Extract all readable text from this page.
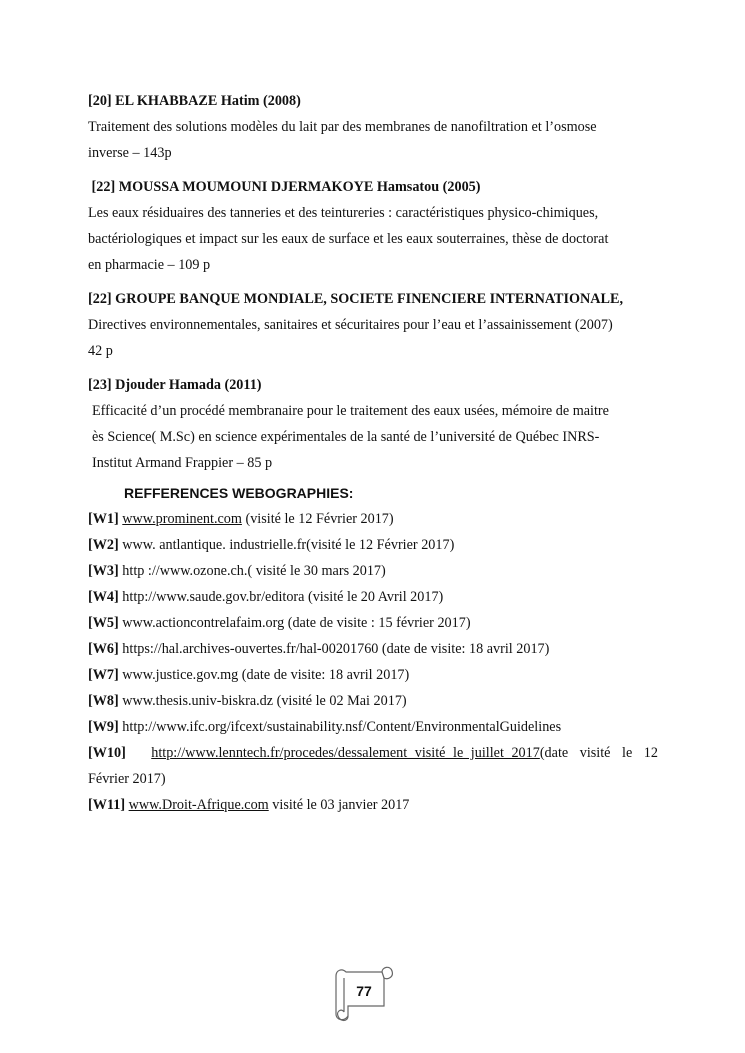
[20] EL KHABBAZE Hatim (2008)

Traitement des solutions modèles du lait par des membranes de nanofiltration et l’osmose

inverse – 143p

[22] MOUSSA MOUMOUNI DJERMAKOYE Hamsatou (2005)

Les eaux résiduaires des tanneries et des teintureries : caractéristiques physico-chimiques,

bactériologiques et impact sur les eaux de surface et les eaux souterraines, thèse de doctorat

en pharmacie – 109 p

[22] GROUPE BANQUE MONDIALE, SOCIETE FINENCIERE INTERNATIONALE,

Directives environnementales, sanitaires et sécuritaires pour l’eau et l’assainissement (2007)

42 p

[23] Djouder Hamada (2011)

Efficacité d’un procédé membranaire pour le traitement des eaux usées, mémoire de maitre

ès Science( M.Sc) en science expérimentales de la santé de l’université de Québec INRS-

Institut Armand Frappier – 85 p

REFFERENCES WEBOGRAPHIES:

[W1] www.prominent.com (visité le 12 Février 2017)

[W2] www. antlantique. industrielle.fr(visité le 12 Février 2017)

[W3] http ://www.ozone.ch.( visité le 30 mars 2017)

[W4] http://www.saude.gov.br/editora (visité le 20 Avril 2017)

[W5] www.actioncontrelafaim.org (date de visite : 15 février 2017)

[W6] https://hal.archives-ouvertes.fr/hal-00201760 (date de visite: 18 avril 2017)

[W7] www.justice.gov.mg (date de visite: 18 avril 2017)

[W8] www.thesis.univ-biskra.dz (visité le 02 Mai 2017)

[W9] http://www.ifc.org/ifcext/sustainability.nsf/Content/EnvironmentalGuidelines

[W10] http://www.lenntech.fr/procedes/dessalement visité le juillet 2017(date visité le 12

Février 2017)

[W11] www.Droit-Afrique.com visité le 03 janvier 2017

77
